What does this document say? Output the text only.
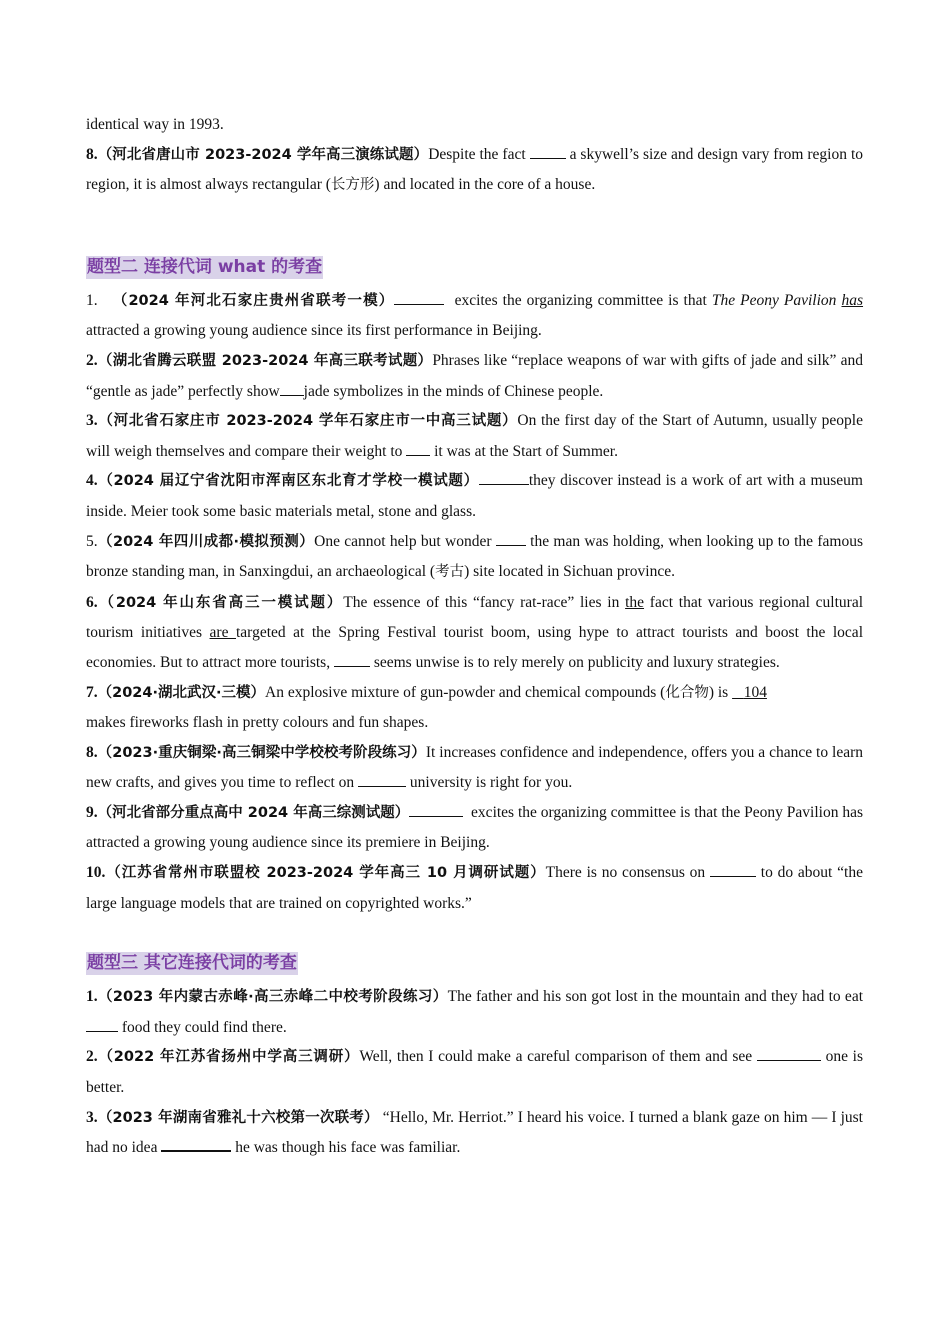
identical way in 1993.

8.（河北省唐山市 2023-2024 学年高三演练试题）Despite the fact  a skywell’s size and design vary from region to region, it is almost always rectangular (长方形) and located in the core of a house.

题型二 连接代词 what 的考查

1. （2024 年河北石家庄贵州省联考一模）	excites the organizing committee is that The Peony Pavilion has attracted a growing young audience since its first performance in Beijing.

2.（湖北省腾云联盟 2023-2024 年高三联考试题）Phrases like “replace weapons of war with gifts of jade and silk” and “gentle as jade” perfectly show jade symbolizes in the minds of Chinese people.

3.（河北省石家庄市 2023-2024 学年石家庄市一中高三试题）On the first day of the Start of Autumn, usually people will weigh themselves and compare their weight to  it was at the Start of Summer.

4.（2024 届辽宁省沈阳市浑南区东北育才学校一模试题）	they discover instead is a work of art with a museum inside. Meier took some basic materials metal, stone and glass.

5.（2024 年四川成都·模拟预测）One cannot help but wonder  the man was holding, when looking up to the famous bronze standing man, in Sanxingdui, an archaeological (考古) site located in Sichuan province.

6.（2024 年山东省高三一模试题）The essence of this “fancy rat-race” lies in the fact that various regional cultural tourism initiatives are targeted at the Spring Festival tourist boom, using hype to attract tourists and boost the local economies. But to attract more tourists,  seems unwise is to rely merely on publicity and luxury strategies.

7.（2024·湖北武汉·三模）An explosive mixture of gun-powder and chemical compounds (化合物) is    104
makes fireworks flash in pretty colours and fun shapes.

8.（2023·重庆铜梁·高三铜梁中学校校考阶段练习）It increases confidence and independence, offers you a chance to learn new crafts, and gives you time to reflect on	university is right for you.

9.（河北省部分重点高中 2024 年高三综测试题）	excites the organizing committee is that the Peony Pavilion has attracted a growing young audience since its premiere in Beijing.

10.（江苏省常州市联盟校 2023-2024 学年高三 10 月调研试题）There is no consensus on	to do about “the large language models that are trained on copyrighted works.”

题型三 其它连接代词的考查

1.（2023 年内蒙古赤峰·高三赤峰二中校考阶段练习）The father and his son got lost in the mountain and they had to eat food they could find there.

2.（2022 年江苏省扬州中学高三调研）Well, then I could make a careful comparison of them and see	one is better.

3.（2023 年湖南省雅礼十六校第一次联考） “Hello, Mr. Herriot.” I heard his voice. I turned a blank gaze on him — I just had no idea	he was though his face was familiar.
